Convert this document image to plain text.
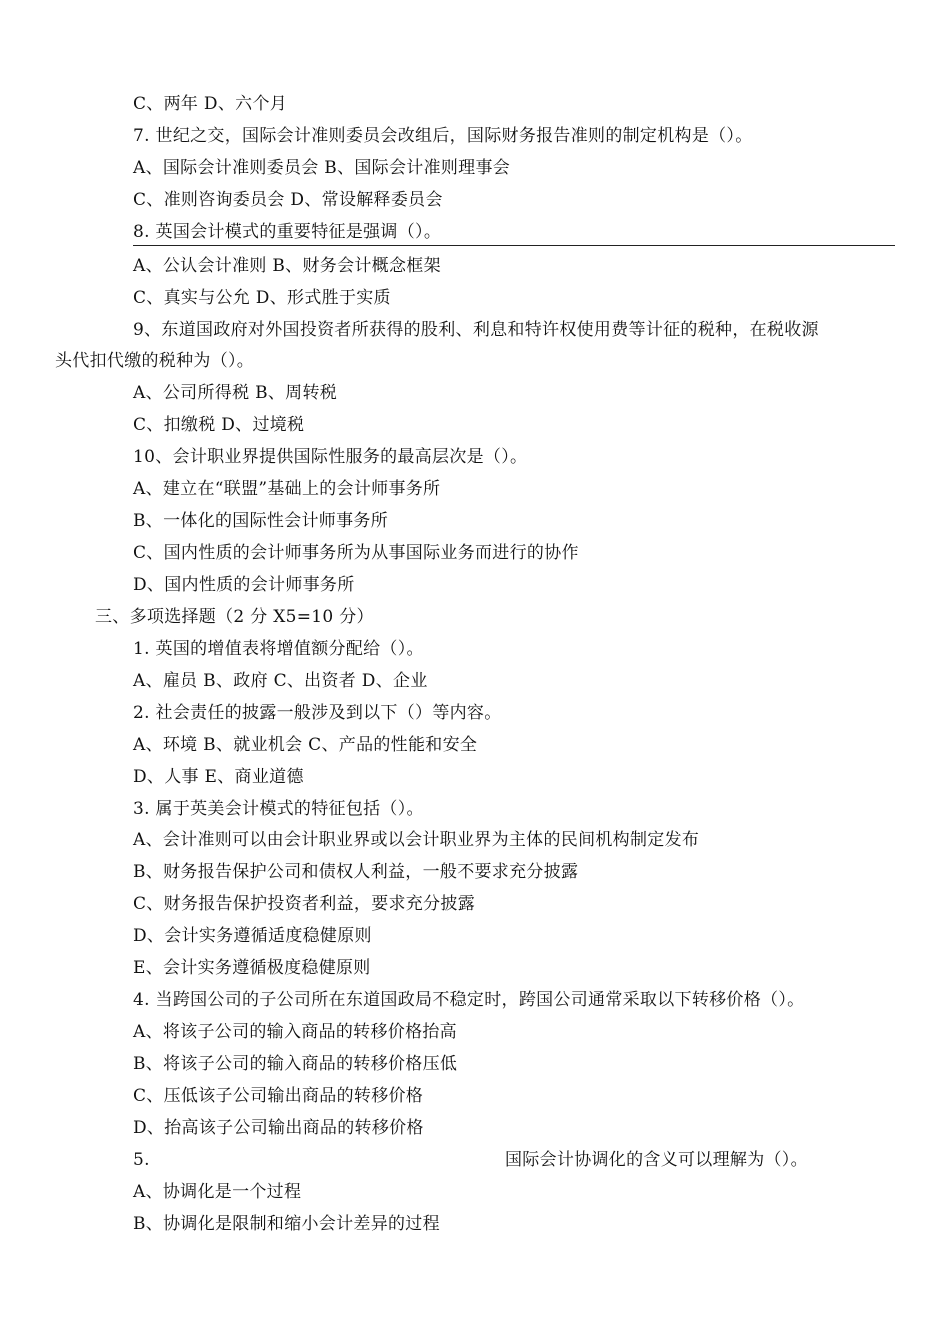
C、两年 D、六个月
7. 世纪之交，国际会计准则委员会改组后，国际财务报告准则的制定机构是（）。
A、国际会计准则委员会 B、国际会计准则理事会
C、准则咨询委员会 D、常设解释委员会
8. 英国会计模式的重要特征是强调（）。
A、公认会计准则 B、财务会计概念框架
C、真实与公允 D、形式胜于实质
9、东道国政府对外国投资者所获得的股利、利息和特许权使用费等计征的税种，在税收源
头代扣代缴的税种为（）。
A、公司所得税 B、周转税
C、扣缴税 D、过境税
10、会计职业界提供国际性服务的最高层次是（）。
A、建立在“联盟”基础上的会计师事务所
B、一体化的国际性会计师事务所
C、国内性质的会计师事务所为从事国际业务而进行的协作
D、国内性质的会计师事务所
三、多项选择题（2 分 X5=10 分）
1. 英国的增值表将增值额分配给（）。
A、雇员 B、政府 C、出资者 D、企业
2. 社会责任的披露一般涉及到以下（）等内容。
A、环境 B、就业机会 C、产品的性能和安全
D、人事 E、商业道德
3. 属于英美会计模式的特征包括（）。
A、会计准则可以由会计职业界或以会计职业界为主体的民间机构制定发布
B、财务报告保护公司和债权人利益，一般不要求充分披露
C、财务报告保护投资者利益，要求充分披露
D、会计实务遵循适度稳健原则
E、会计实务遵循极度稳健原则
4. 当跨国公司的子公司所在东道国政局不稳定时，跨国公司通常采取以下转移价格（）。
A、将该子公司的输入商品的转移价格抬高
B、将该子公司的输入商品的转移价格压低
C、压低该子公司输出商品的转移价格
D、抬高该子公司输出商品的转移价格
5.	国际会计协调化的含义可以理解为（）。
A、协调化是一个过程
B、协调化是限制和缩小会计差异的过程
